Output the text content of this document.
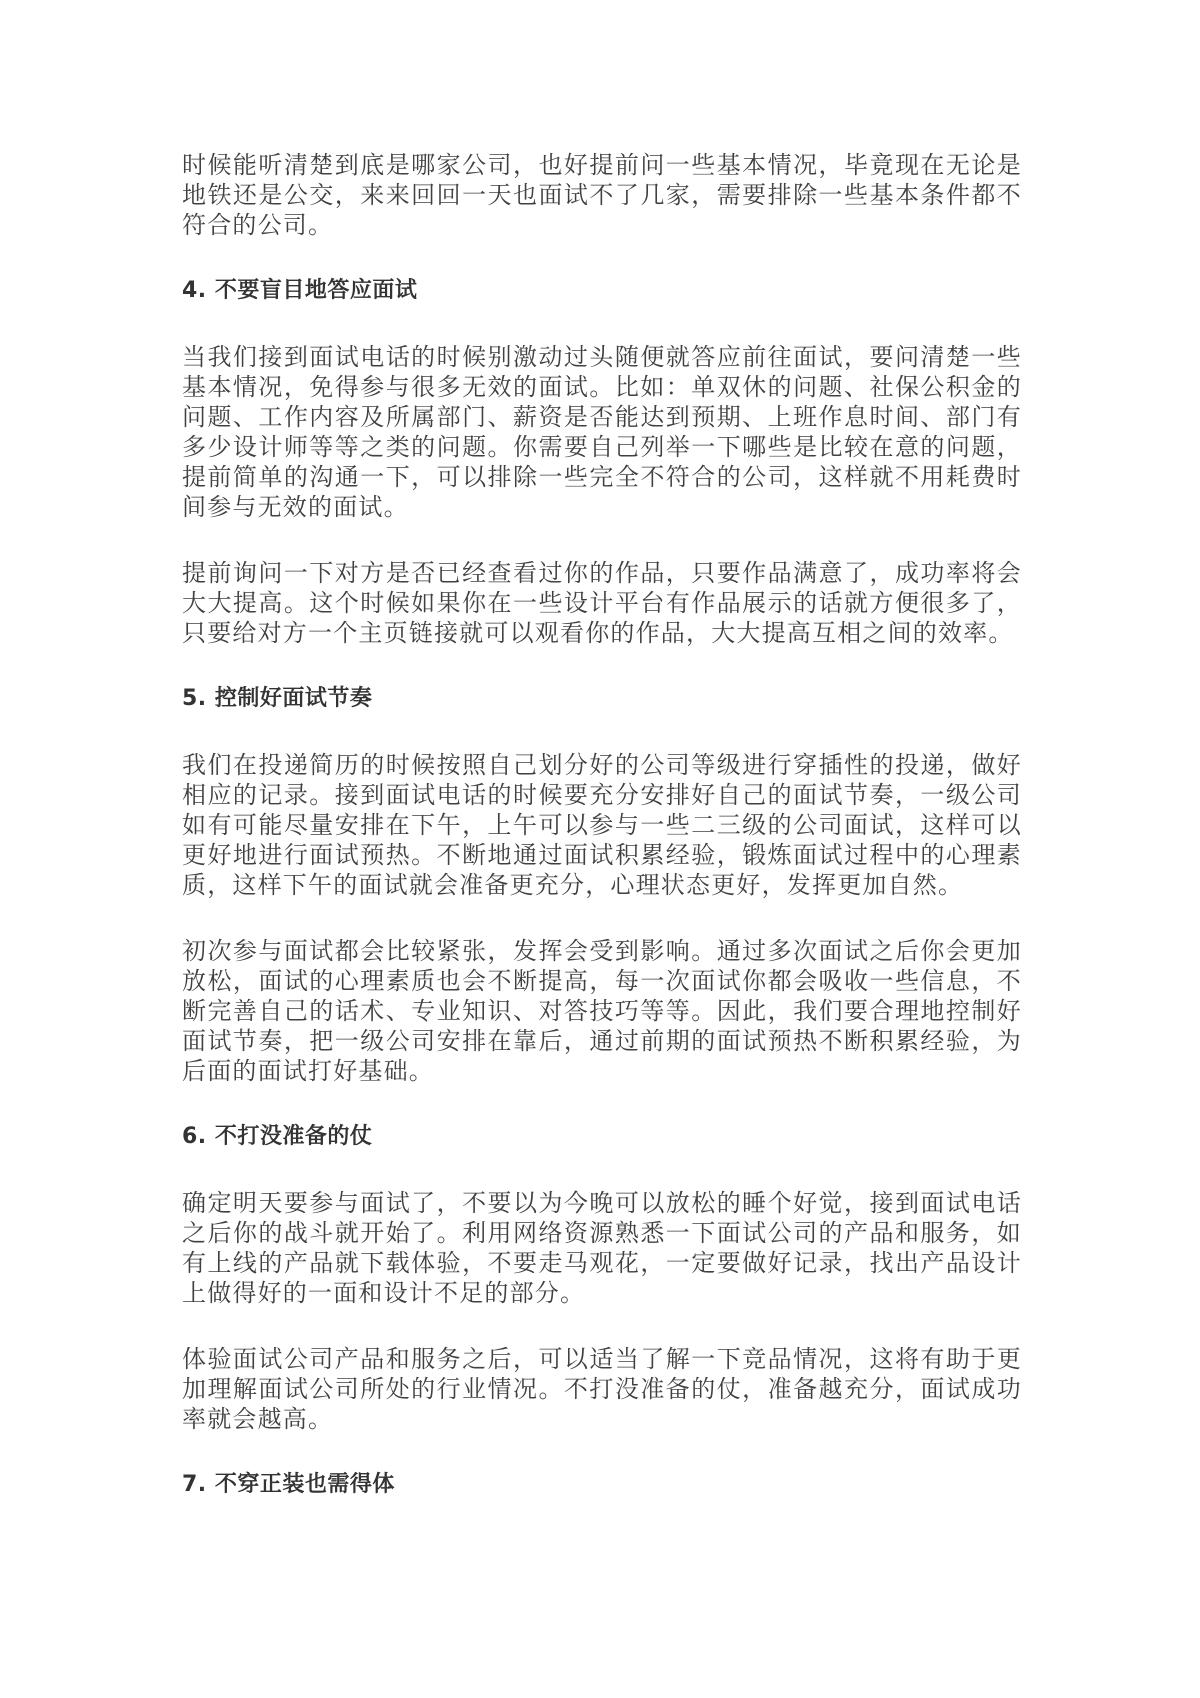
时候能听清楚到底是哪家公司，也好提前问一些基本情况，毕竟现在无论是地铁还是公交，来来回回一天也面试不了几家，需要排除一些基本条件都不符合的公司。

4. 不要盲目地答应面试

当我们接到面试电话的时候别激动过头随便就答应前往面试，要问清楚一些基本情况，免得参与很多无效的面试。比如：单双休的问题、社保公积金的问题、工作内容及所属部门、薪资是否能达到预期、上班作息时间、部门有多少设计师等等之类的问题。你需要自己列举一下哪些是比较在意的问题，提前简单的沟通一下，可以排除一些完全不符合的公司，这样就不用耗费时间参与无效的面试。

提前询问一下对方是否已经查看过你的作品，只要作品满意了，成功率将会大大提高。这个时候如果你在一些设计平台有作品展示的话就方便很多了，只要给对方一个主页链接就可以观看你的作品，大大提高互相之间的效率。

5. 控制好面试节奏

我们在投递简历的时候按照自己划分好的公司等级进行穿插性的投递，做好相应的记录。接到面试电话的时候要充分安排好自己的面试节奏，一级公司如有可能尽量安排在下午，上午可以参与一些二三级的公司面试，这样可以更好地进行面试预热。不断地通过面试积累经验，锻炼面试过程中的心理素质，这样下午的面试就会准备更充分，心理状态更好，发挥更加自然。

初次参与面试都会比较紧张，发挥会受到影响。通过多次面试之后你会更加放松，面试的心理素质也会不断提高，每一次面试你都会吸收一些信息，不断完善自己的话术、专业知识、对答技巧等等。因此，我们要合理地控制好面试节奏，把一级公司安排在靠后，通过前期的面试预热不断积累经验，为后面的面试打好基础。

6. 不打没准备的仗

确定明天要参与面试了，不要以为今晚可以放松的睡个好觉，接到面试电话之后你的战斗就开始了。利用网络资源熟悉一下面试公司的产品和服务，如有上线的产品就下载体验，不要走马观花，一定要做好记录，找出产品设计上做得好的一面和设计不足的部分。

体验面试公司产品和服务之后，可以适当了解一下竞品情况，这将有助于更加理解面试公司所处的行业情况。不打没准备的仗，准备越充分，面试成功率就会越高。

7. 不穿正装也需得体
